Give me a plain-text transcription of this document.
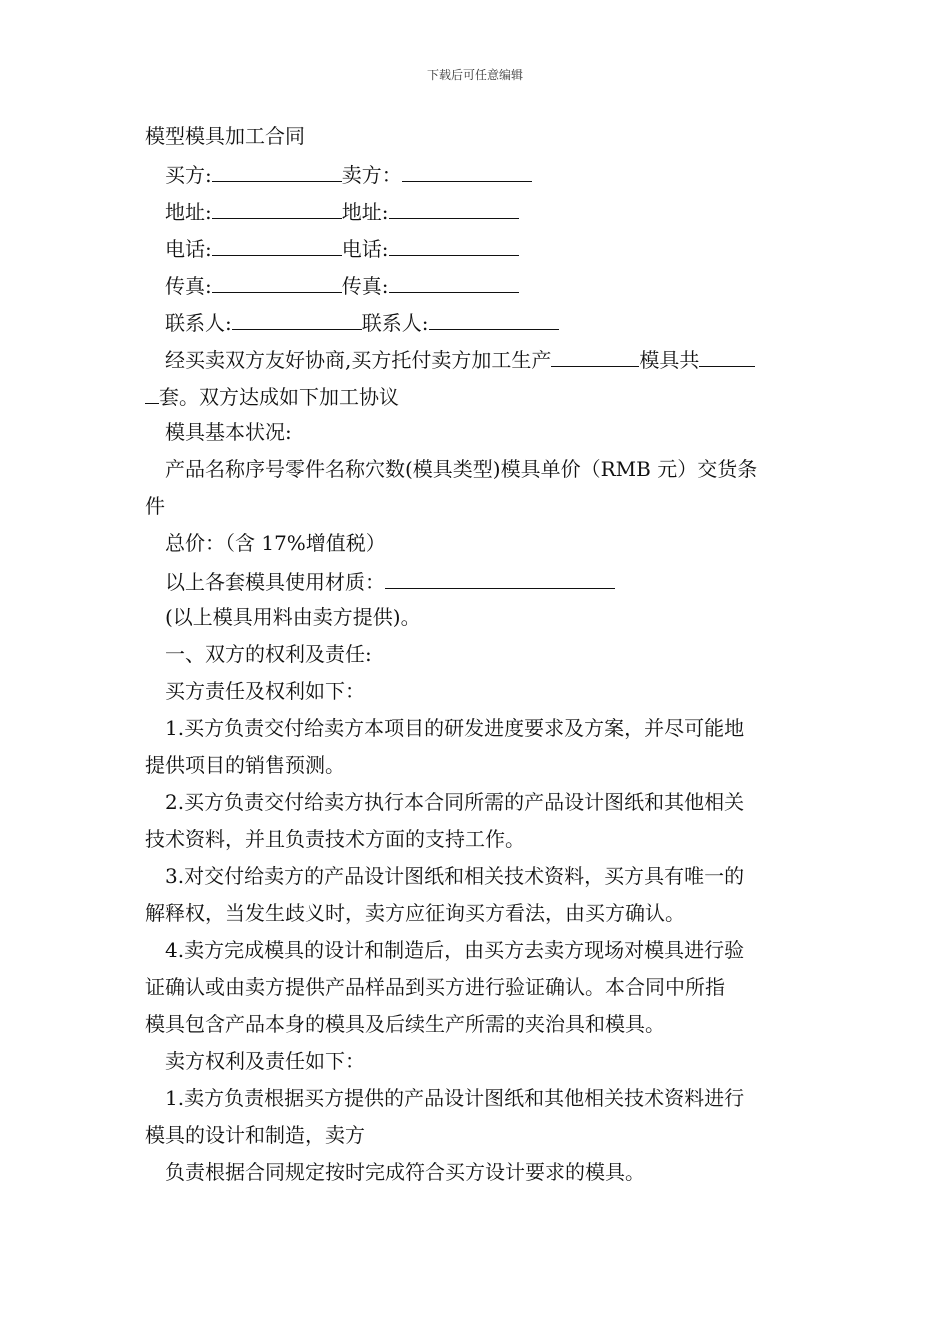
下载后可任意编辑
模型模具加工合同
买方:	卖方：
地址:	地址:
电话:	电话:
传真:	传真:
联系人:	联系人:
经买卖双方友好协商,买方托付卖方加工生产	模具共
套。双方达成如下加工协议
模具基本状况:
产品名称序号零件名称穴数(模具类型)模具单价（RMB 元）交货条
件
总价：（含 17%增值税）
以上各套模具使用材质：
(以上模具用料由卖方提供)。
一、双方的权利及责任:
买方责任及权利如下：
1.买方负责交付给卖方本项目的研发进度要求及方案，并尽可能地
提供项目的销售预测。
2.买方负责交付给卖方执行本合同所需的产品设计图纸和其他相关
技术资料，并且负责技术方面的支持工作。
3.对交付给卖方的产品设计图纸和相关技术资料，买方具有唯一的
解释权，当发生歧义时，卖方应征询买方看法，由买方确认。
4.卖方完成模具的设计和制造后，由买方去卖方现场对模具进行验
证确认或由卖方提供产品样品到买方进行验证确认。本合同中所指
模具包含产品本身的模具及后续生产所需的夹治具和模具。
卖方权利及责任如下：
1.卖方负责根据买方提供的产品设计图纸和其他相关技术资料进行
模具的设计和制造，卖方
负责根据合同规定按时完成符合买方设计要求的模具。
